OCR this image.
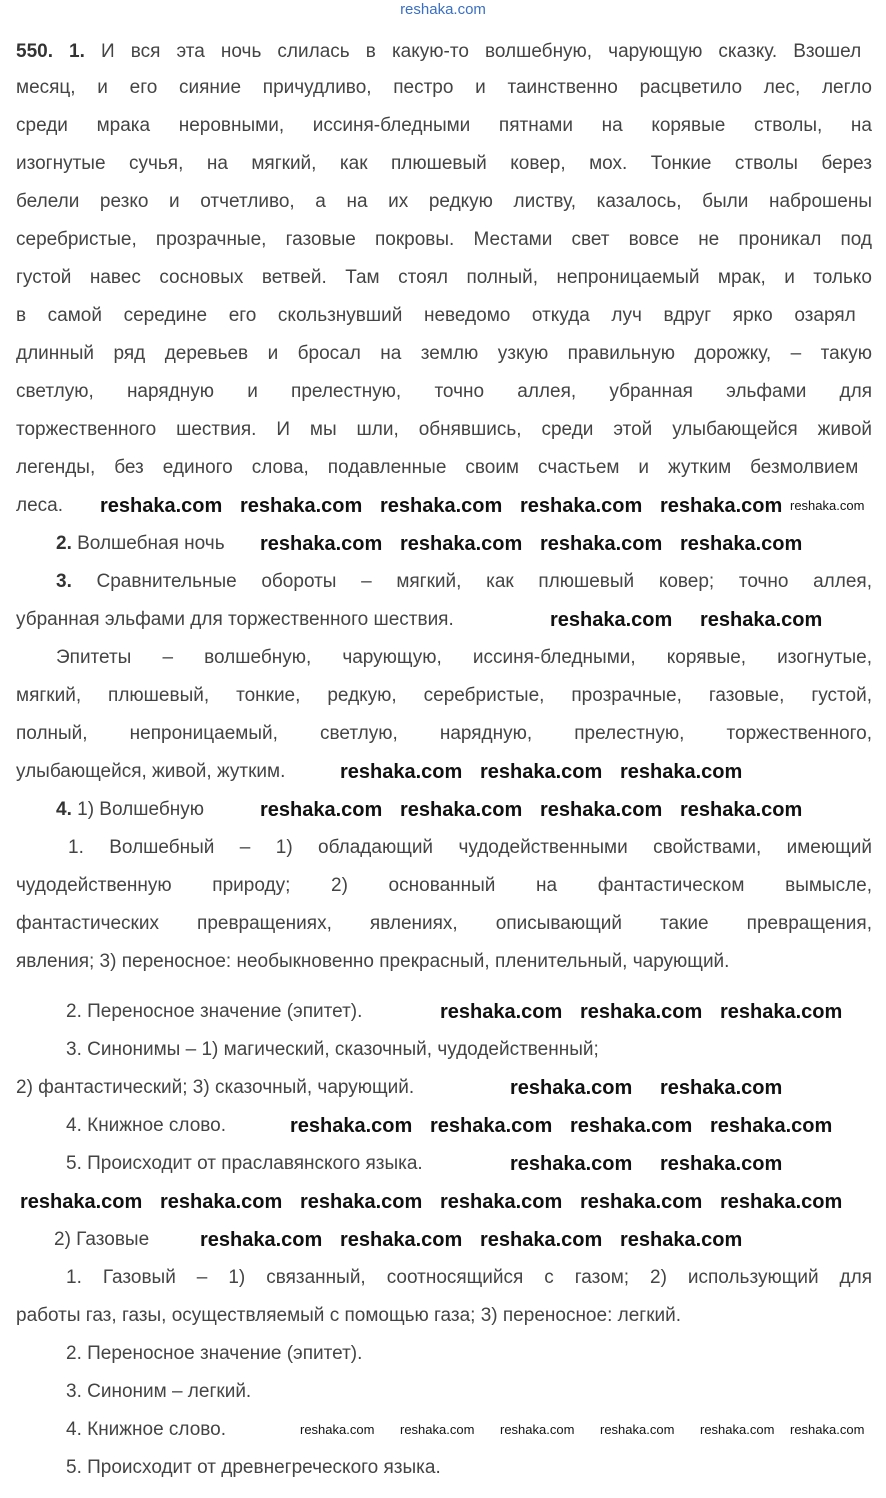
reshaka.com
550. 1. И вся эта ночь слилась в какую-то волшебную, чарующую сказку. Взошел
месяц, и его сияние причудливо, пестро и таинственно расцветило лес, легло
среди мрака неровными, иссиня-бледными пятнами на корявые стволы, на
изогнутые сучья, на мягкий, как плюшевый ковер, мох. Тонкие стволы берез
белели резко и отчетливо, а на их редкую листву, казалось, были наброшены
серебристые, прозрачные, газовые покровы. Местами свет вовсе не проникал под
густой навес сосновых ветвей. Там стоял полный, непроницаемый мрак, и только
в самой середине его скользнувший неведомо откуда луч вдруг ярко озарял
длинный ряд деревьев и бросал на землю узкую правильную дорожку, – такую
светлую, нарядную и прелестную, точно аллея, убранная эльфами для
торжественного шествия. И мы шли, обнявшись, среди этой улыбающейся живой
легенды, без единого слова, подавленные своим счастьем и жутким безмолвием
леса.
2. Волшебная ночь
3. Сравнительные обороты – мягкий, как плюшевый ковер; точно аллея,
убранная эльфами для торжественного шествия.
Эпитеты – волшебную, чарующую, иссиня-бледными, корявые, изогнутые,
мягкий, плюшевый, тонкие, редкую, серебристые, прозрачные, газовые, густой,
полный, непроницаемый, светлую, нарядную, прелестную, торжественного,
улыбающейся, живой, жутким.
4. 1) Волшебную
1. Волшебный – 1) обладающий чудодейственными свойствами, имеющий
чудодейственную природу; 2) основанный на фантастическом вымысле,
фантастических превращениях, явлениях, описывающий такие превращения,
явления; 3) переносное: необыкновенно прекрасный, пленительный, чарующий.
2. Переносное значение (эпитет).
3. Синонимы – 1) магический, сказочный, чудодейственный;
2) фантастический; 3) сказочный, чарующий.
4. Книжное слово.
5. Происходит от праславянского языка.
2) Газовые
1. Газовый – 1) связанный, соотносящийся с газом; 2) использующий для
работы газ, газы, осуществляемый с помощью газа; 3) переносное: легкий.
2. Переносное значение (эпитет).
3. Синоним – легкий.
4. Книжное слово.
5. Происходит от древнегреческого языка.
reshaka.com reshaka.com reshaka.com reshaka.com reshaka.com
reshaka.com reshaka.com reshaka.com reshaka.com
reshaka.com reshaka.com
reshaka.com reshaka.com reshaka.com
reshaka.com reshaka.com reshaka.com reshaka.com
reshaka.com reshaka.com reshaka.com
reshaka.com reshaka.com
reshaka.com reshaka.com reshaka.com reshaka.com
reshaka.com reshaka.com
reshaka.com reshaka.com reshaka.com reshaka.com reshaka.com reshaka.com
reshaka.com reshaka.com reshaka.com reshaka.com
reshaka.com reshaka.com reshaka.com reshaka.com reshaka.com reshaka.com
reshaka.com
